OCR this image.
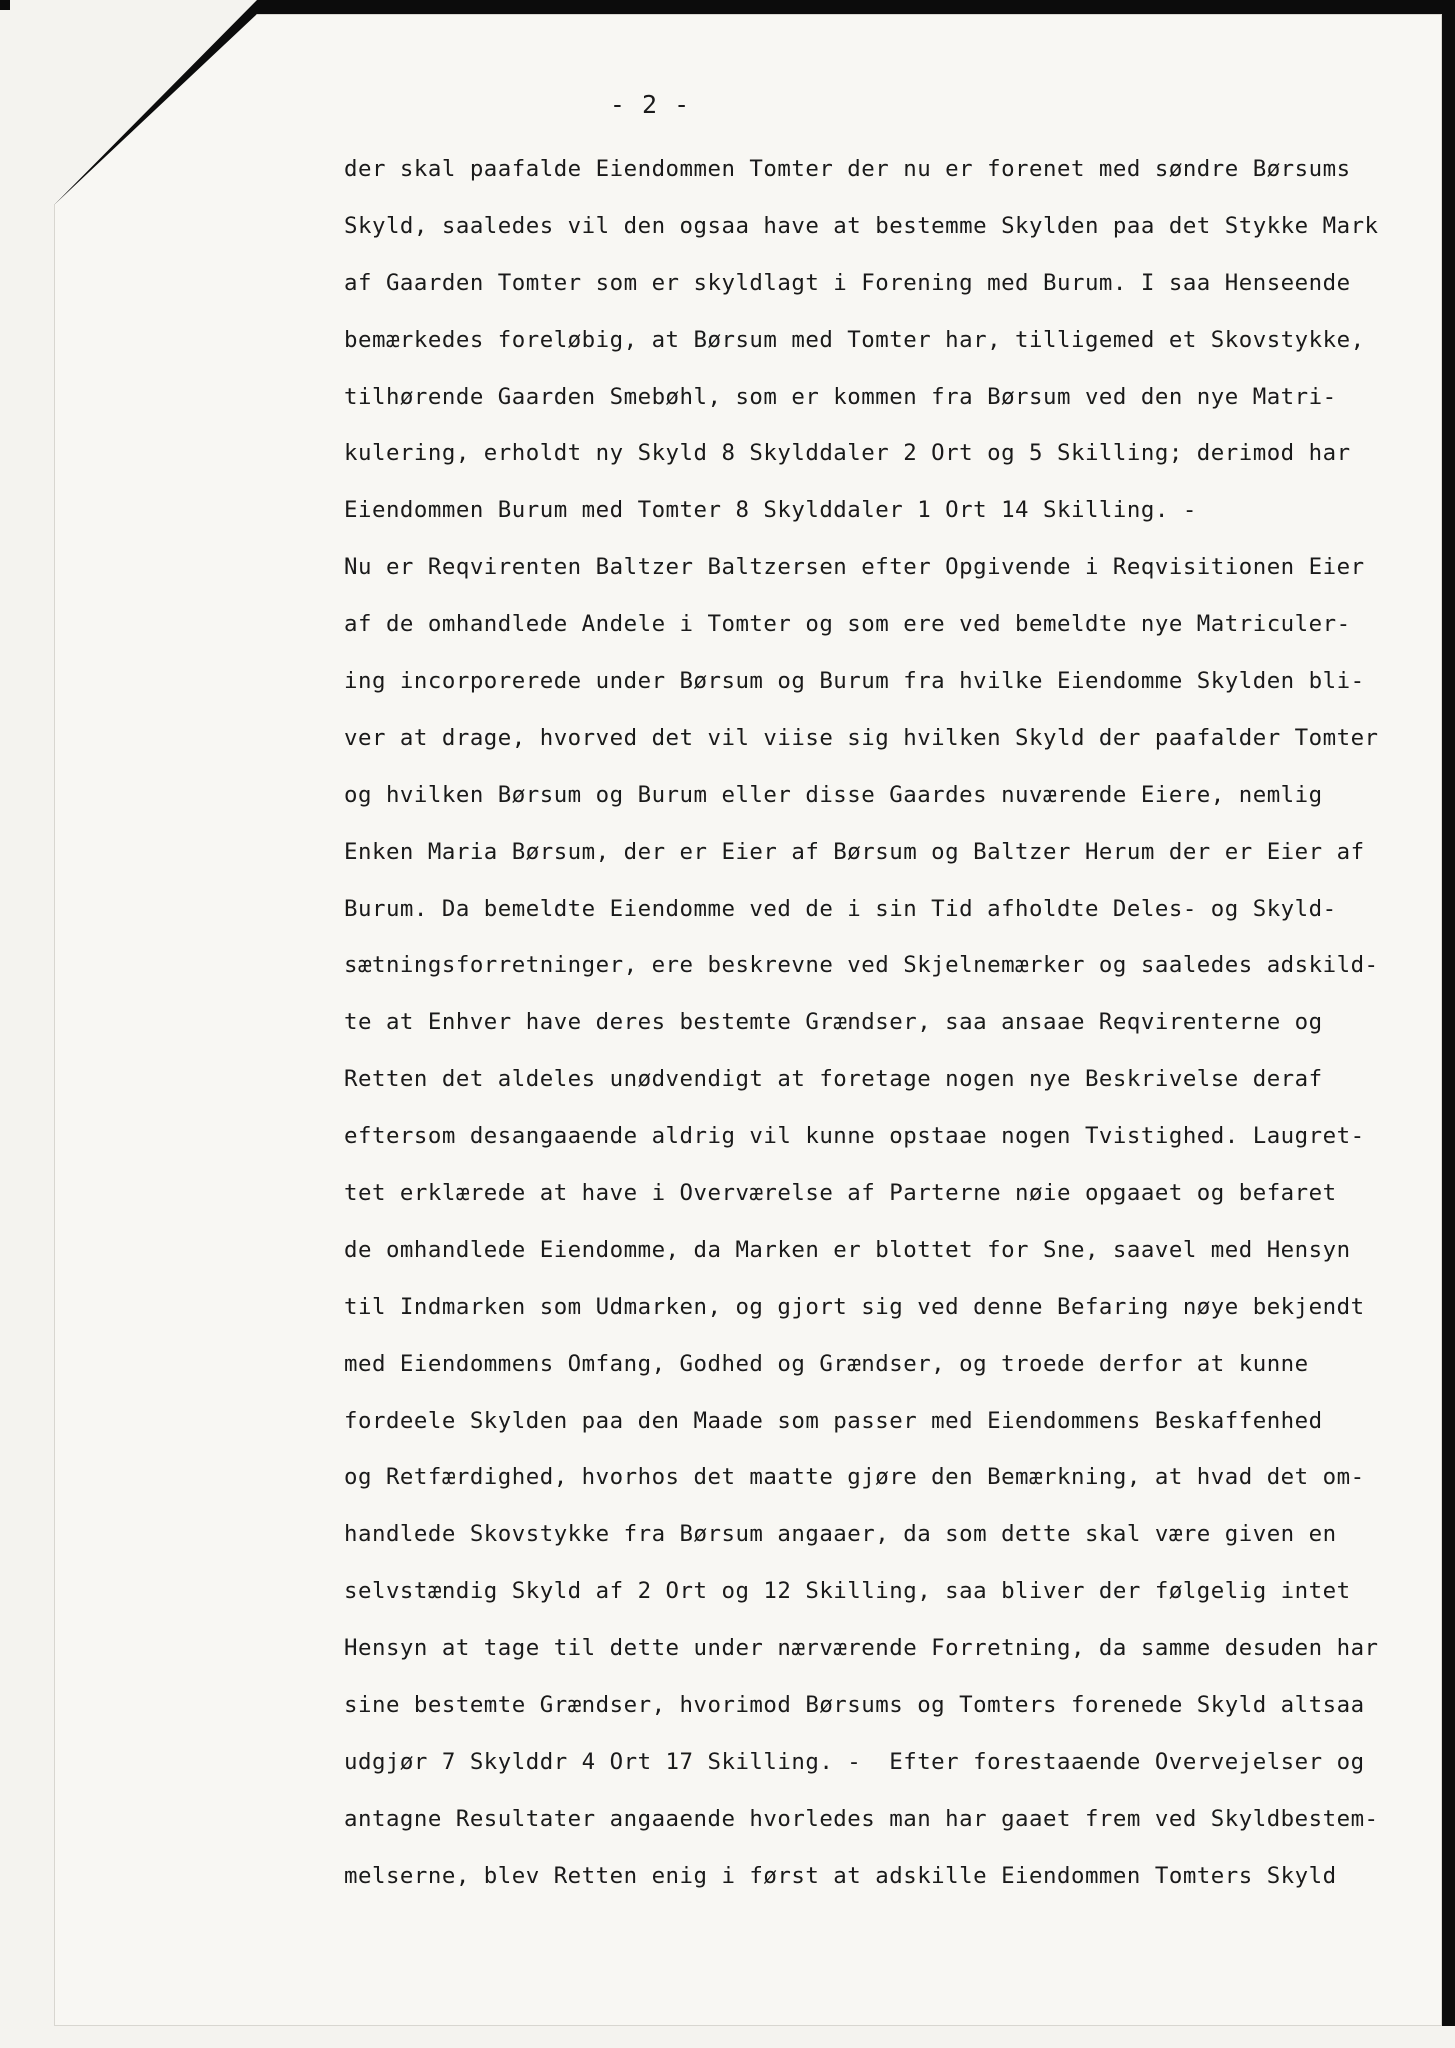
- 2 -
der skal paafalde Eiendommen Tomter der nu er forenet med søndre Børsums
Skyld, saaledes vil den ogsaa have at bestemme Skylden paa det Stykke Mark
af Gaarden Tomter som er skyldlagt i Forening med Burum. I saa Henseende
bemærkedes foreløbig, at Børsum med Tomter har, tilligemed et Skovstykke,
tilhørende Gaarden Smebøhl, som er kommen fra Børsum ved den nye Matri-
kulering, erholdt ny Skyld 8 Skylddaler 2 Ort og 5 Skilling; derimod har
Eiendommen Burum med Tomter 8 Skylddaler 1 Ort 14 Skilling. -
Nu er Reqvirenten Baltzer Baltzersen efter Opgivende i Reqvisitionen Eier
af de omhandlede Andele i Tomter og som ere ved bemeldte nye Matriculer-
ing incorporerede under Børsum og Burum fra hvilke Eiendomme Skylden bli-
ver at drage, hvorved det vil viise sig hvilken Skyld der paafalder Tomter
og hvilken Børsum og Burum eller disse Gaardes nuværende Eiere, nemlig
Enken Maria Børsum, der er Eier af Børsum og Baltzer Herum der er Eier af
Burum. Da bemeldte Eiendomme ved de i sin Tid afholdte Deles- og Skyld-
sætningsforretninger, ere beskrevne ved Skjelnemærker og saaledes adskild-
te at Enhver have deres bestemte Grændser, saa ansaae Reqvirenterne og
Retten det aldeles unødvendigt at foretage nogen nye Beskrivelse deraf
eftersom desangaaende aldrig vil kunne opstaae nogen Tvistighed. Laugret-
tet erklærede at have i Overværelse af Parterne nøie opgaaet og befaret
de omhandlede Eiendomme, da Marken er blottet for Sne, saavel med Hensyn
til Indmarken som Udmarken, og gjort sig ved denne Befaring nøye bekjendt
med Eiendommens Omfang, Godhed og Grændser, og troede derfor at kunne
fordeele Skylden paa den Maade som passer med Eiendommens Beskaffenhed
og Retfærdighed, hvorhos det maatte gjøre den Bemærkning, at hvad det om-
handlede Skovstykke fra Børsum angaaer, da som dette skal være given en
selvstændig Skyld af 2 Ort og 12 Skilling, saa bliver der følgelig intet
Hensyn at tage til dette under nærværende Forretning, da samme desuden har
sine bestemte Grændser, hvorimod Børsums og Tomters forenede Skyld altsaa
udgjør 7 Skylddr 4 Ort 17 Skilling. -  Efter forestaaende Overvejelser og
antagne Resultater angaaende hvorledes man har gaaet frem ved Skyldbestem-
melserne, blev Retten enig i først at adskille Eiendommen Tomters Skyld
